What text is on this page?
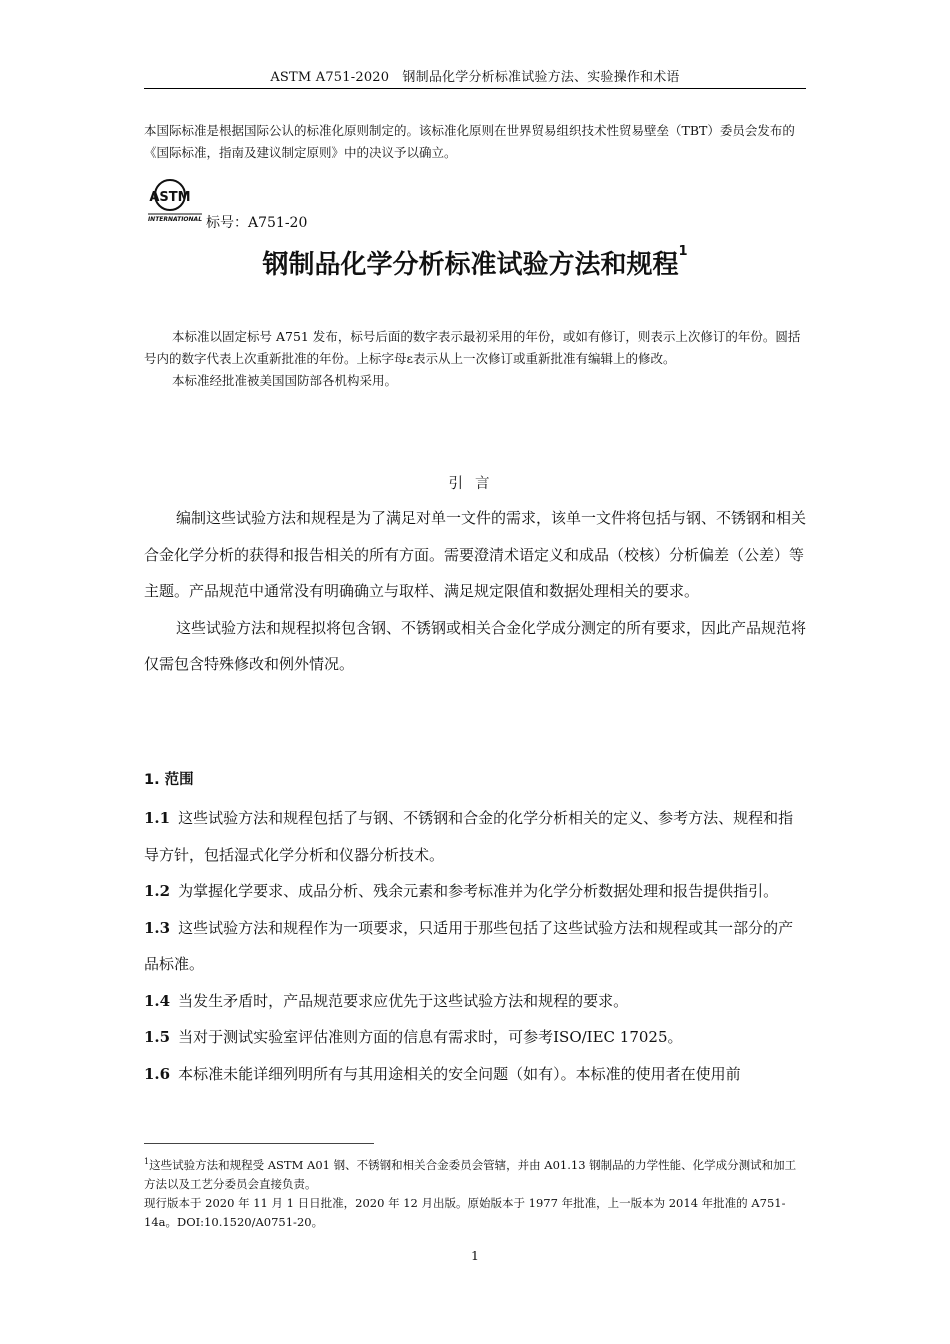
ASTM A751-2020　钢制品化学分析标准试验方法、实验操作和术语
本国际标准是根据国际公认的标准化原则制定的。该标准化原则在世界贸易组织技术性贸易壁垒（TBT）委员会发布的《国际标准，指南及建议制定原则》中的决议予以确立。
ASTM
INTERNATIONAL 标号：A751-20
钢制品化学分析标准试验方法和规程$^1$

本标准以固定标号 A751 发布，标号后面的数字表示最初采用的年份，或如有修订，则表示上次修订的年份。圆括号内的数字代表上次重新批准的年份。上标字母ε表示从上一次修订或重新批准有编辑上的修改。

本标准经批准被美国国防部各机构采用。

引言

编制这些试验方法和规程是为了满足对单一文件的需求，该单一文件将包括与钢、不锈钢和相关合金化学分析的获得和报告相关的所有方面。需要澄清术语定义和成品（校核）分析偏差（公差）等主题。产品规范中通常没有明确确立与取样、满足规定限值和数据处理相关的要求。

这些试验方法和规程拟将包含钢、不锈钢或相关合金化学成分测定的所有要求，因此产品规范将仅需包含特殊修改和例外情况。

1. 范围

1.1 这些试验方法和规程包括了与钢、不锈钢和合金的化学分析相关的定义、参考方法、规程和指导方针，包括湿式化学分析和仪器分析技术。

1.2 为掌握化学要求、成品分析、残余元素和参考标准并为化学分析数据处理和报告提供指引。

1.3 这些试验方法和规程作为一项要求，只适用于那些包括了这些试验方法和规程或其一部分的产品标准。

1.4 当发生矛盾时，产品规范要求应优先于这些试验方法和规程的要求。

1.5 当对于测试实验室评估准则方面的信息有需求时，可参考ISO/IEC 17025。

1.6 本标准未能详细列明所有与其用途相关的安全问题（如有）。本标准的使用者在使用前

$^1$这些试验方法和规程受 ASTM A01 钢、不锈钢和相关合金委员会管辖，并由 A01.13 钢制品的力学性能、化学成分测试和加工方法以及工艺分委员会直接负责。

现行版本于 2020 年 11 月 1 日日批准，2020 年 12 月出版。原始版本于 1977 年批准，上一版本为 2014 年批准的 A751-14a。DOI:10.1520/A0751-20。

1
